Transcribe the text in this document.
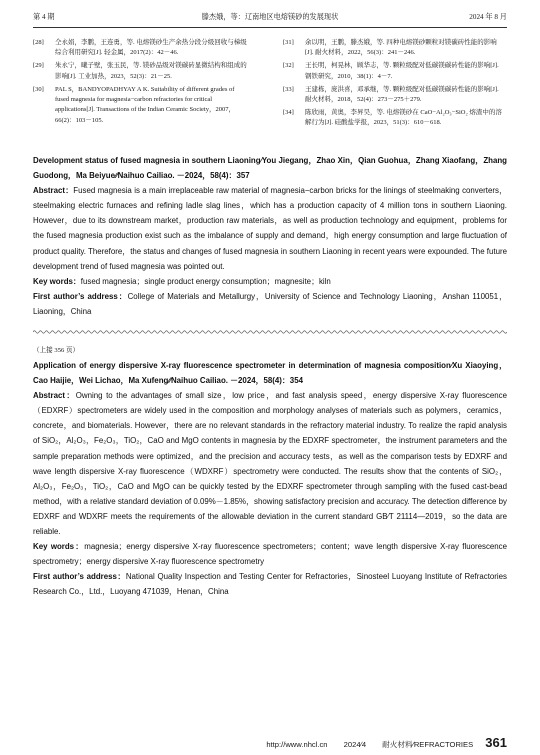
第 4 期	滕杰娥，等：辽南地区电熔镁砂的发展现状	2024 年 8 月
[28] 仝永娟，李鹏，王连勇，等. 电熔镁砂生产余热分段分级回收与梯级综合利用研究[J]. 轻金属，2017(2)：42－46.
[29] 朱永宁，曦子壁，张玉民，等. 镁砂品级对镁碳砖显微结构和组成的影响[J]. 工业加热，2023，52(3)：21－25.
[30] PAL S，BANDYOPADHYAY A K. Suitability of different grades of fused magnesia for magnesia−carbon refractories for critical applications[J]. Transactions of the Indian Ceramic Society，2007，66(2)：103－105.
[31] 余以明，王鹏，滕杰娥，等. 四种电熔镁砂颗粒对镁碳砖性能的影响[J]. 耐火材料，2022，56(3)：241－246.
[32] 王长明，柯晃林，顾华志，等. 颗粒级配对低碳镁碳砖性能的影响[J]. 钢铁研究，2010，38(1)：4－7.
[33] 王建栋，庞洪喜，邓承继，等. 颗粒级配对低碳镁碳砖性能的影响[J]. 耐火材料，2018，52(4)：273－275＋279.
[34] 陈欣雨，黄奥，李昇昊，等. 电熔镁砂在 CaO−Al₂O₃−SiO₂ 熔渣中的溶解行为[J]. 硅酸盐学报，2023，51(3)：610－618.

Development status of fused magnesia in southern Liaoning∕You Jiegang，Zhao Xin，Qian Guohua，Zhang Xiaofang，Zhang Guodong，Ma Beiyue∕∕Naihuo Cailiao. －2024，58(4)：357

Abstract：Fused magnesia is a main irreplaceable raw material of magnesia−carbon bricks for the linings of steelmaking converters，steelmaking electric furnaces and refining ladle slag lines，which has a production capacity of 4 million tons in southern Liaoning. However，due to its downstream market，production raw materials，as well as production technology and equipment，problems for the fused magnesia production exist such as the imbalance of supply and demand，high energy consumption and large fluctuation of product quality. Therefore，the status and changes of fused magnesia in southern Liaoning in recent years were expounded. The future development trend of fused magnesia was pointed out.

Key words：fused magnesia；single product energy consumption；magnesite；kiln

First author’s address：College of Materials and Metallurgy，University of Science and Technology Liaoning，Anshan 110051，Liaoning，China

（上接 356 页）

Application of energy dispersive X-ray fluorescence spectrometer in determination of magnesia composition∕Xu Xiaoying，Cao Haijie，Wei Lichao，Ma Xufeng∕∕Naihuo Cailiao. －2024，58(4)：354

Abstract：Owning to the advantages of small size，low price，and fast analysis speed，energy dispersive X-ray fluorescence（EDXRF）spectrometers are widely used in the composition and morphology analyses of materials such as polymers，ceramics，concrete，and biomaterials. However，there are no relevant standards in the refractory material industry. To realize the rapid analysis of SiO₂，Al₂O₃，Fe₂O₃，TiO₂，CaO and MgO contents in magnesia by the EDXRF spectrometer，the instrument parameters and the sample preparation methods were optimized，and the precision and accuracy tests，as well as the comparison tests by EDXRF and wave length dispersive X-ray fluorescence（WDXRF）spectrometry were conducted. The results show that the contents of SiO₂，Al₂O₃，Fe₂O₃，TiO₂，CaO and MgO can be quickly tested by the EDXRF spectrometer through sampling with the fused cast-bead method，with a relative standard deviation of 0.09%－1.85%，showing satisfactory precision and accuracy. The detection difference by EDXRF and WDXRF meets the requirements of the allowable deviation in the current standard GB∕T 21114—2019，so the data are reliable.

Key words：magnesia；energy dispersive X-ray fluorescence spectrometers；content；wave length dispersive X-ray fluorescence spectrometry；energy dispersive X-ray fluorescence spectrometry

First author’s address：National Quality Inspection and Testing Center for Refractories，Sinosteel Luoyang Institute of Refractories Research Co.，Ltd.，Luoyang 471039，Henan，China

http://www.nhcl.cn 2024∕4 耐火材料∕REFRACTORIES 361
